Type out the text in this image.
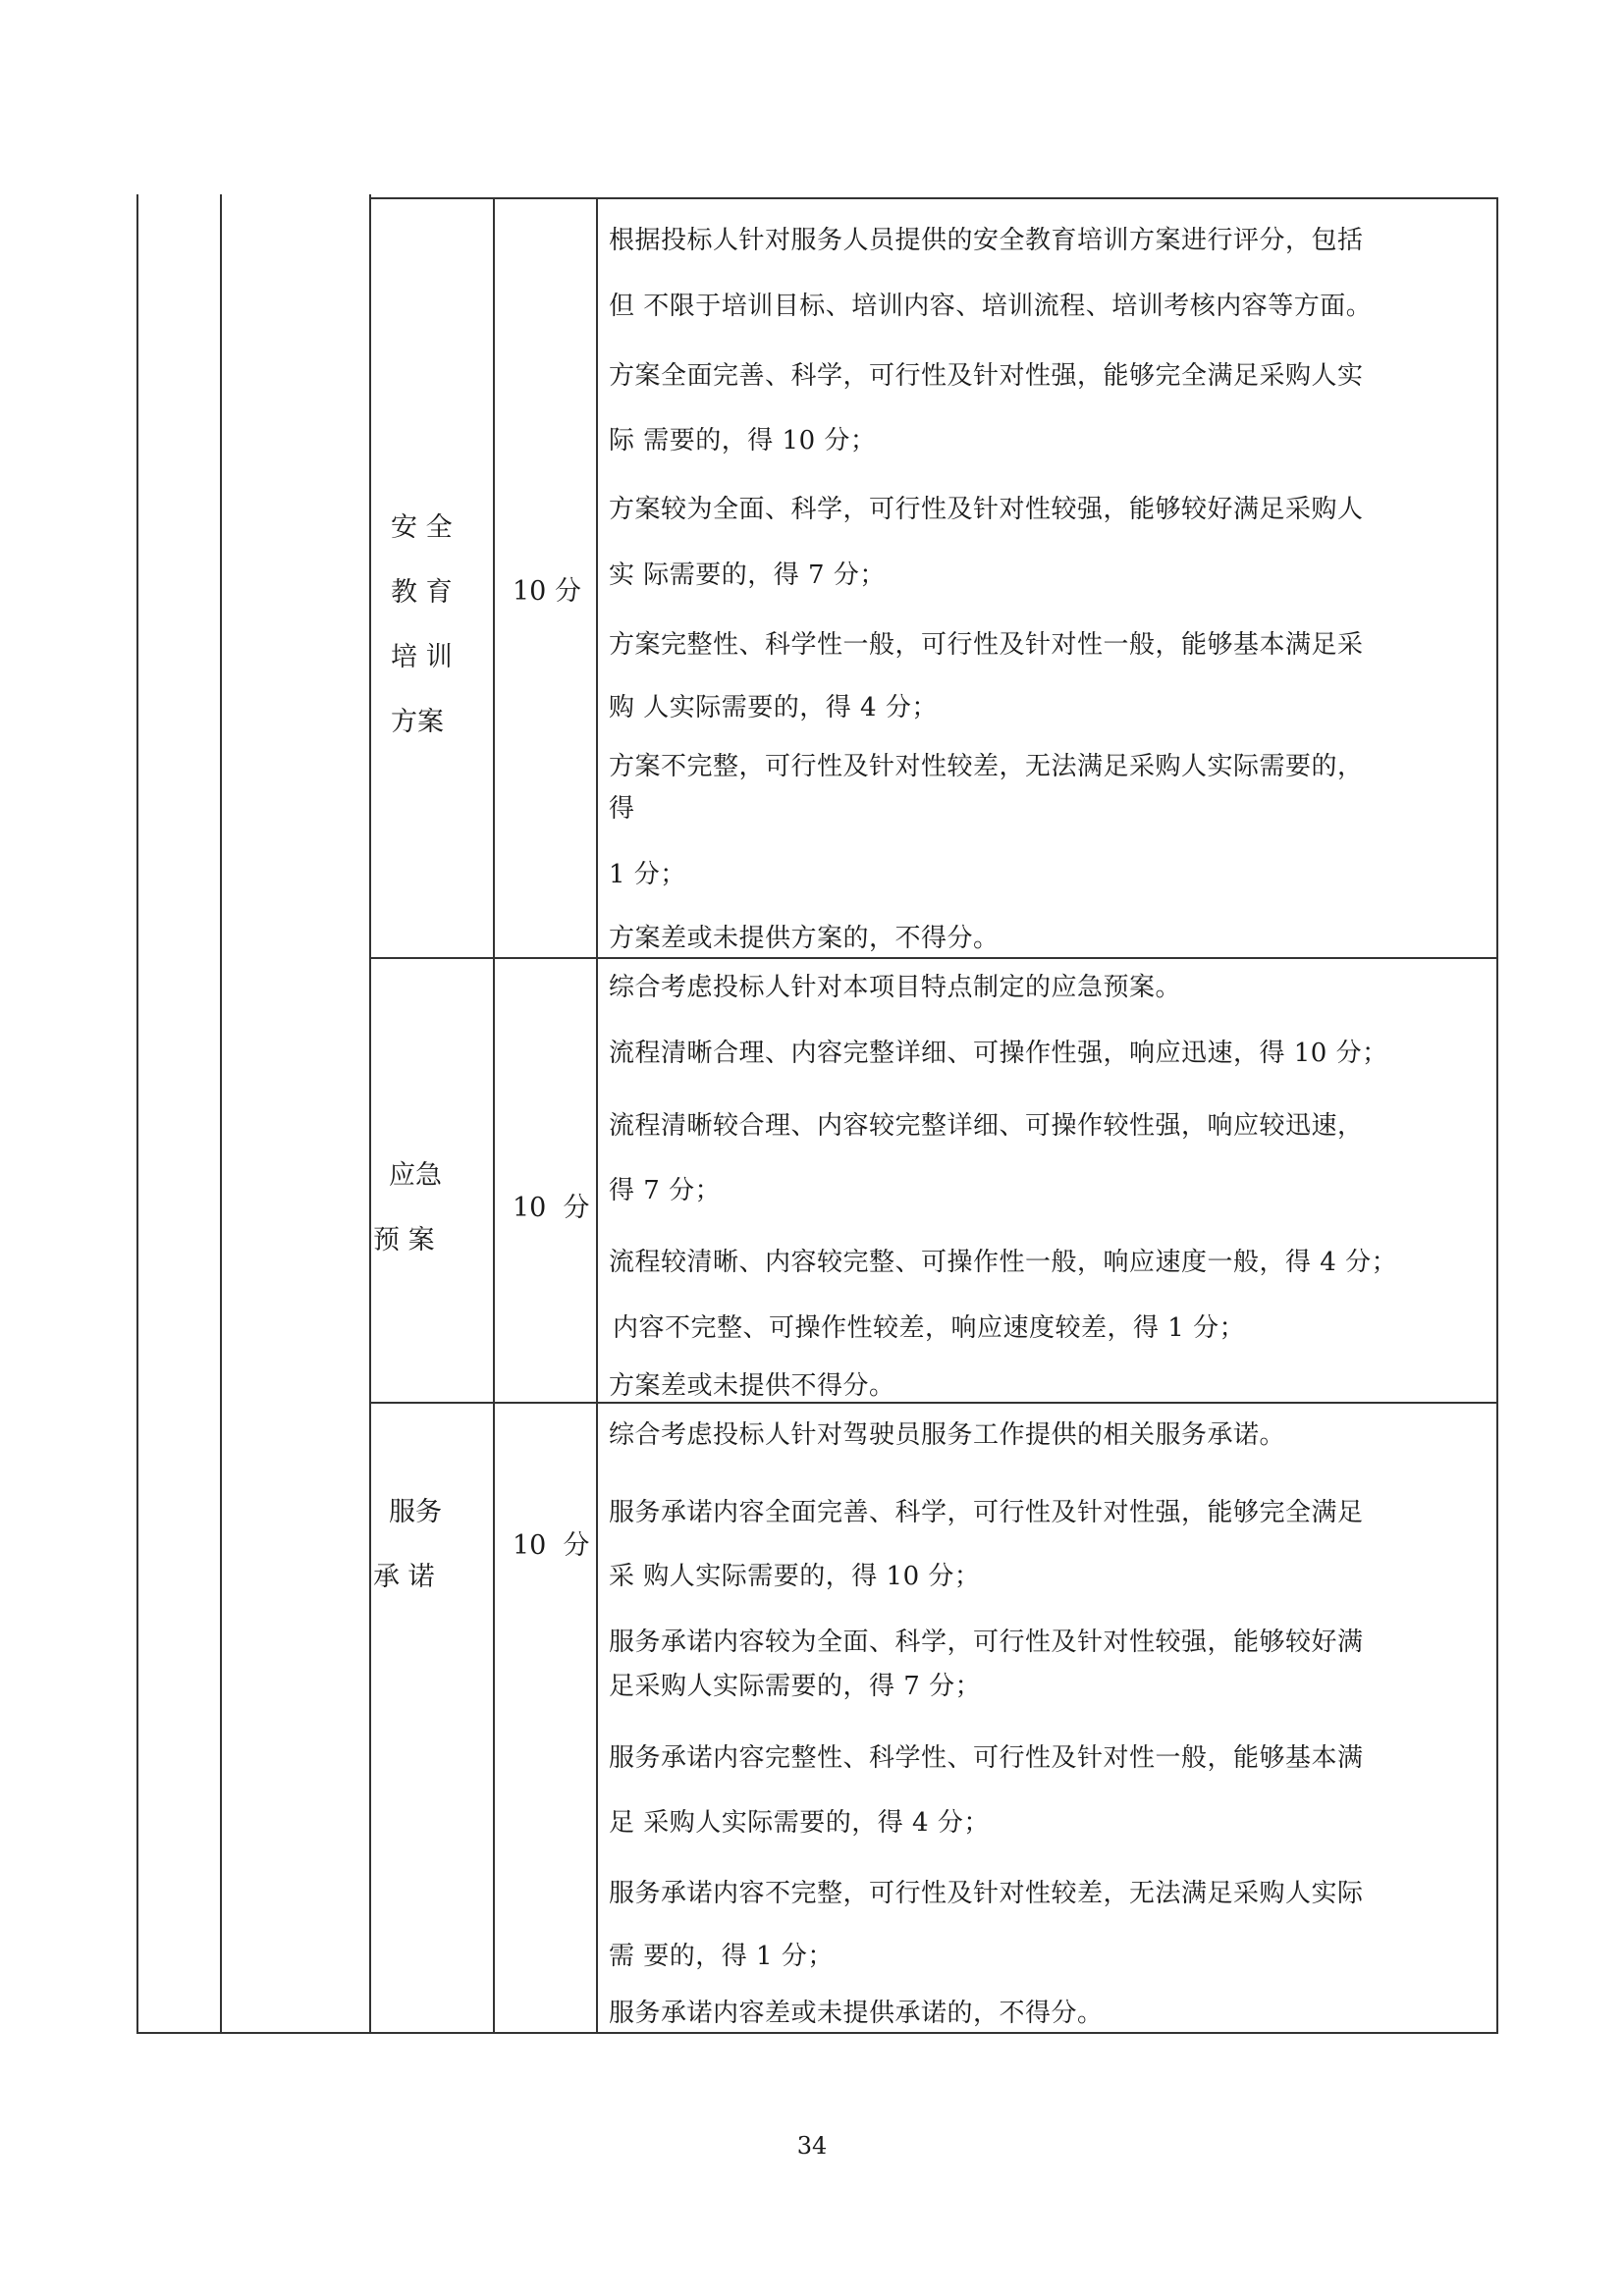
安 全
教 育
培 训
方案
10 分
根据投标人针对服务人员提供的安全教育培训方案进行评分，包括
但 不限于培训目标、培训内容、培训流程、培训考核内容等方面。
方案全面完善、科学，可行性及针对性强，能够完全满足采购人实
际 需要的，得 10 分；
方案较为全面、科学，可行性及针对性较强，能够较好满足采购人
实 际需要的，得 7 分；
方案完整性、科学性一般，可行性及针对性一般，能够基本满足采
购 人实际需要的，得 4 分；
方案不完整，可行性及针对性较差，无法满足采购人实际需要的，
得
1 分；
方案差或未提供方案的，不得分。
应急
预 案
10  分
综合考虑投标人针对本项目特点制定的应急预案。
流程清晰合理、内容完整详细、可操作性强，响应迅速，得 10 分；
流程清晰较合理、内容较完整详细、可操作较性强，响应较迅速，
得 7 分；
流程较清晰、内容较完整、可操作性一般，响应速度一般，得 4 分；
内容不完整、可操作性较差，响应速度较差，得 1 分；
方案差或未提供不得分。
服务
承 诺
10  分
综合考虑投标人针对驾驶员服务工作提供的相关服务承诺。
服务承诺内容全面完善、科学，可行性及针对性强，能够完全满足
采 购人实际需要的，得 10 分；
服务承诺内容较为全面、科学，可行性及针对性较强，能够较好满
足采购人实际需要的，得 7 分；
服务承诺内容完整性、科学性、可行性及针对性一般，能够基本满
足 采购人实际需要的，得 4 分；
服务承诺内容不完整，可行性及针对性较差，无法满足采购人实际
需 要的，得 1 分；
服务承诺内容差或未提供承诺的，不得分。
34
